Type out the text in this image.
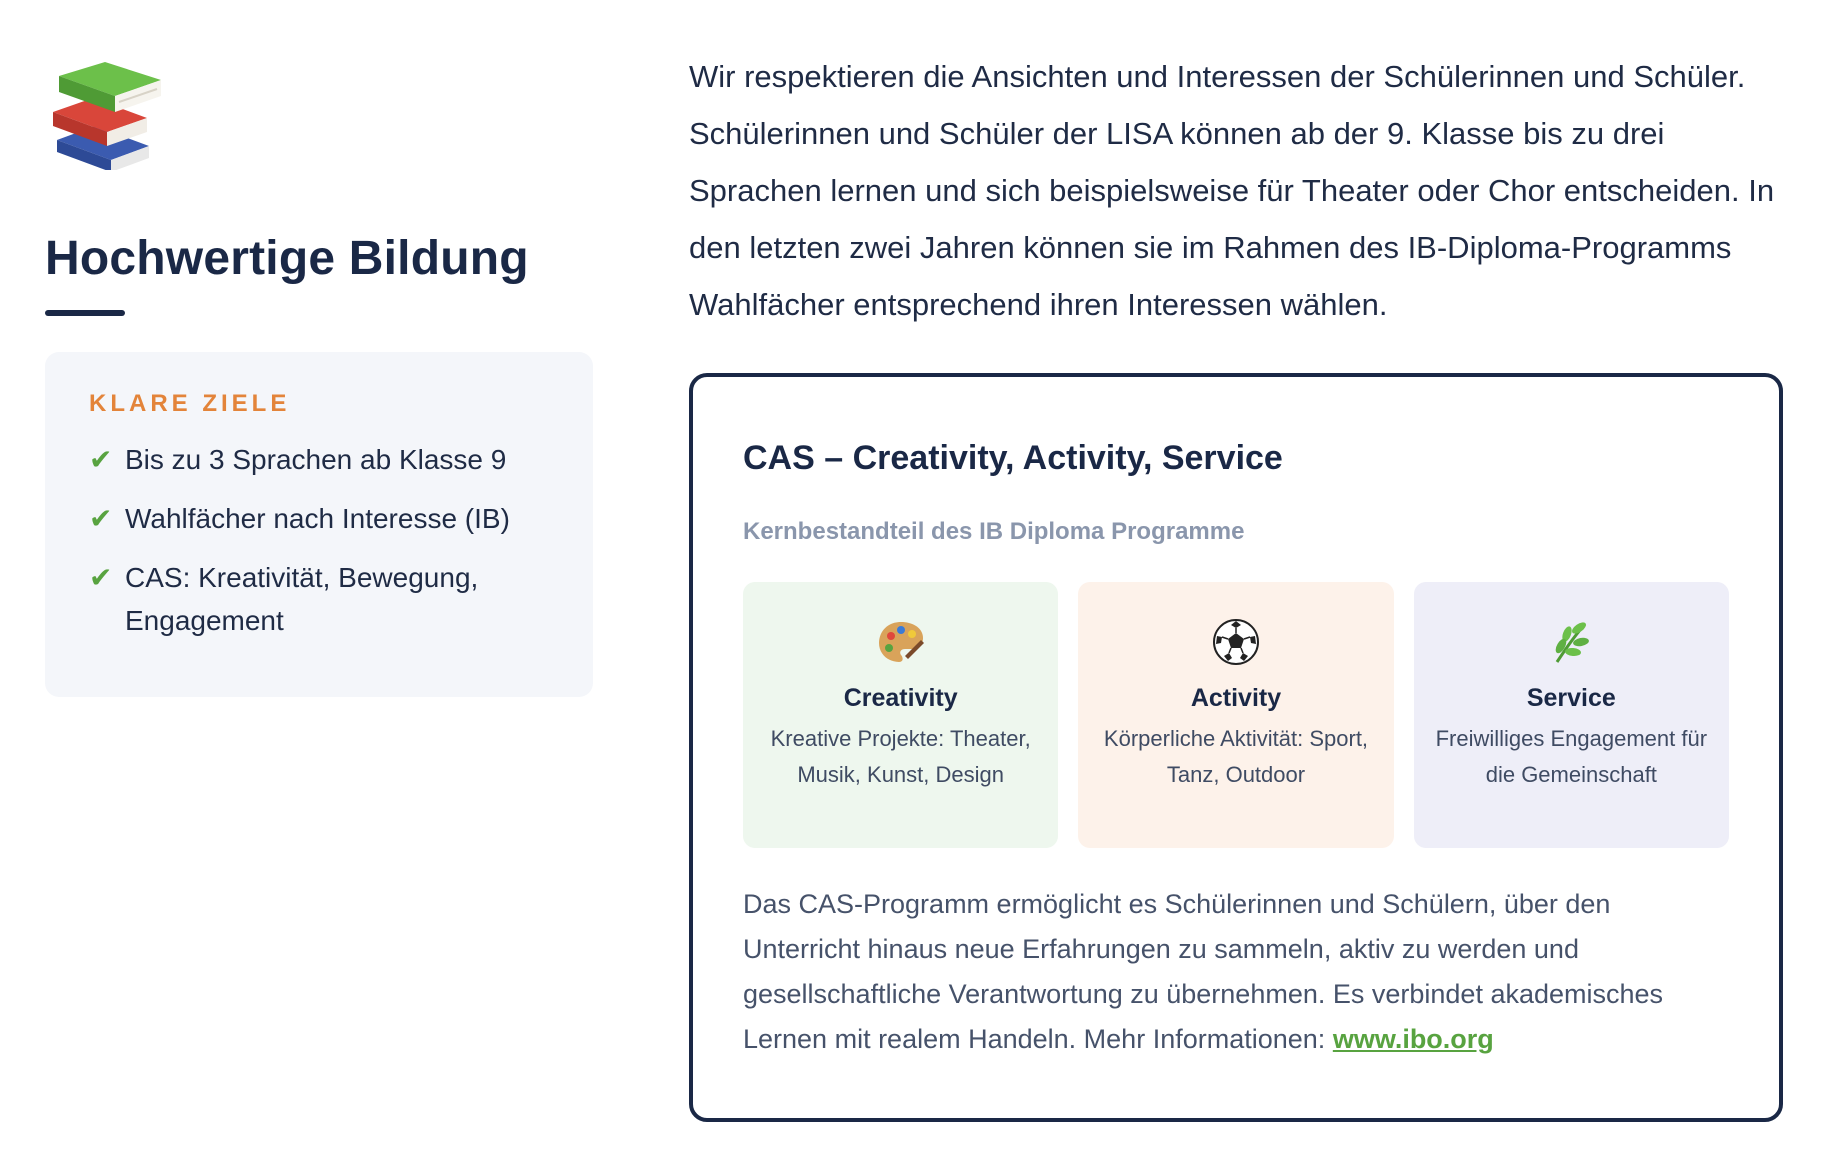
Hochwertige Bildung
KLARE ZIELE
✔ Bis zu 3 Sprachen ab Klasse 9
✔ Wahlfächer nach Interesse (IB)
✔ CAS: Kreativität, Bewegung, Engagement

Wir respektieren die Ansichten und Interessen der Schülerinnen und Schüler. Schülerinnen und Schüler der LISA können ab der 9. Klasse bis zu drei Sprachen lernen und sich beispielsweise für Theater oder Chor entscheiden. In den letzten zwei Jahren können sie im Rahmen des IB-Diploma-Programms Wahlfächer entsprechend ihren Interessen wählen.

CAS – Creativity, Activity, Service
Kernbestandteil des IB Diploma Programme
Creativity
Kreative Projekte: Theater, Musik, Kunst, Design
Activity
Körperliche Aktivität: Sport, Tanz, Outdoor
Service
Freiwilliges Engagement für die Gemeinschaft

Das CAS-Programm ermöglicht es Schülerinnen und Schülern, über den Unterricht hinaus neue Erfahrungen zu sammeln, aktiv zu werden und gesellschaftliche Verantwortung zu übernehmen. Es verbindet akademisches Lernen mit realem Handeln. Mehr Informationen: www.ibo.org
